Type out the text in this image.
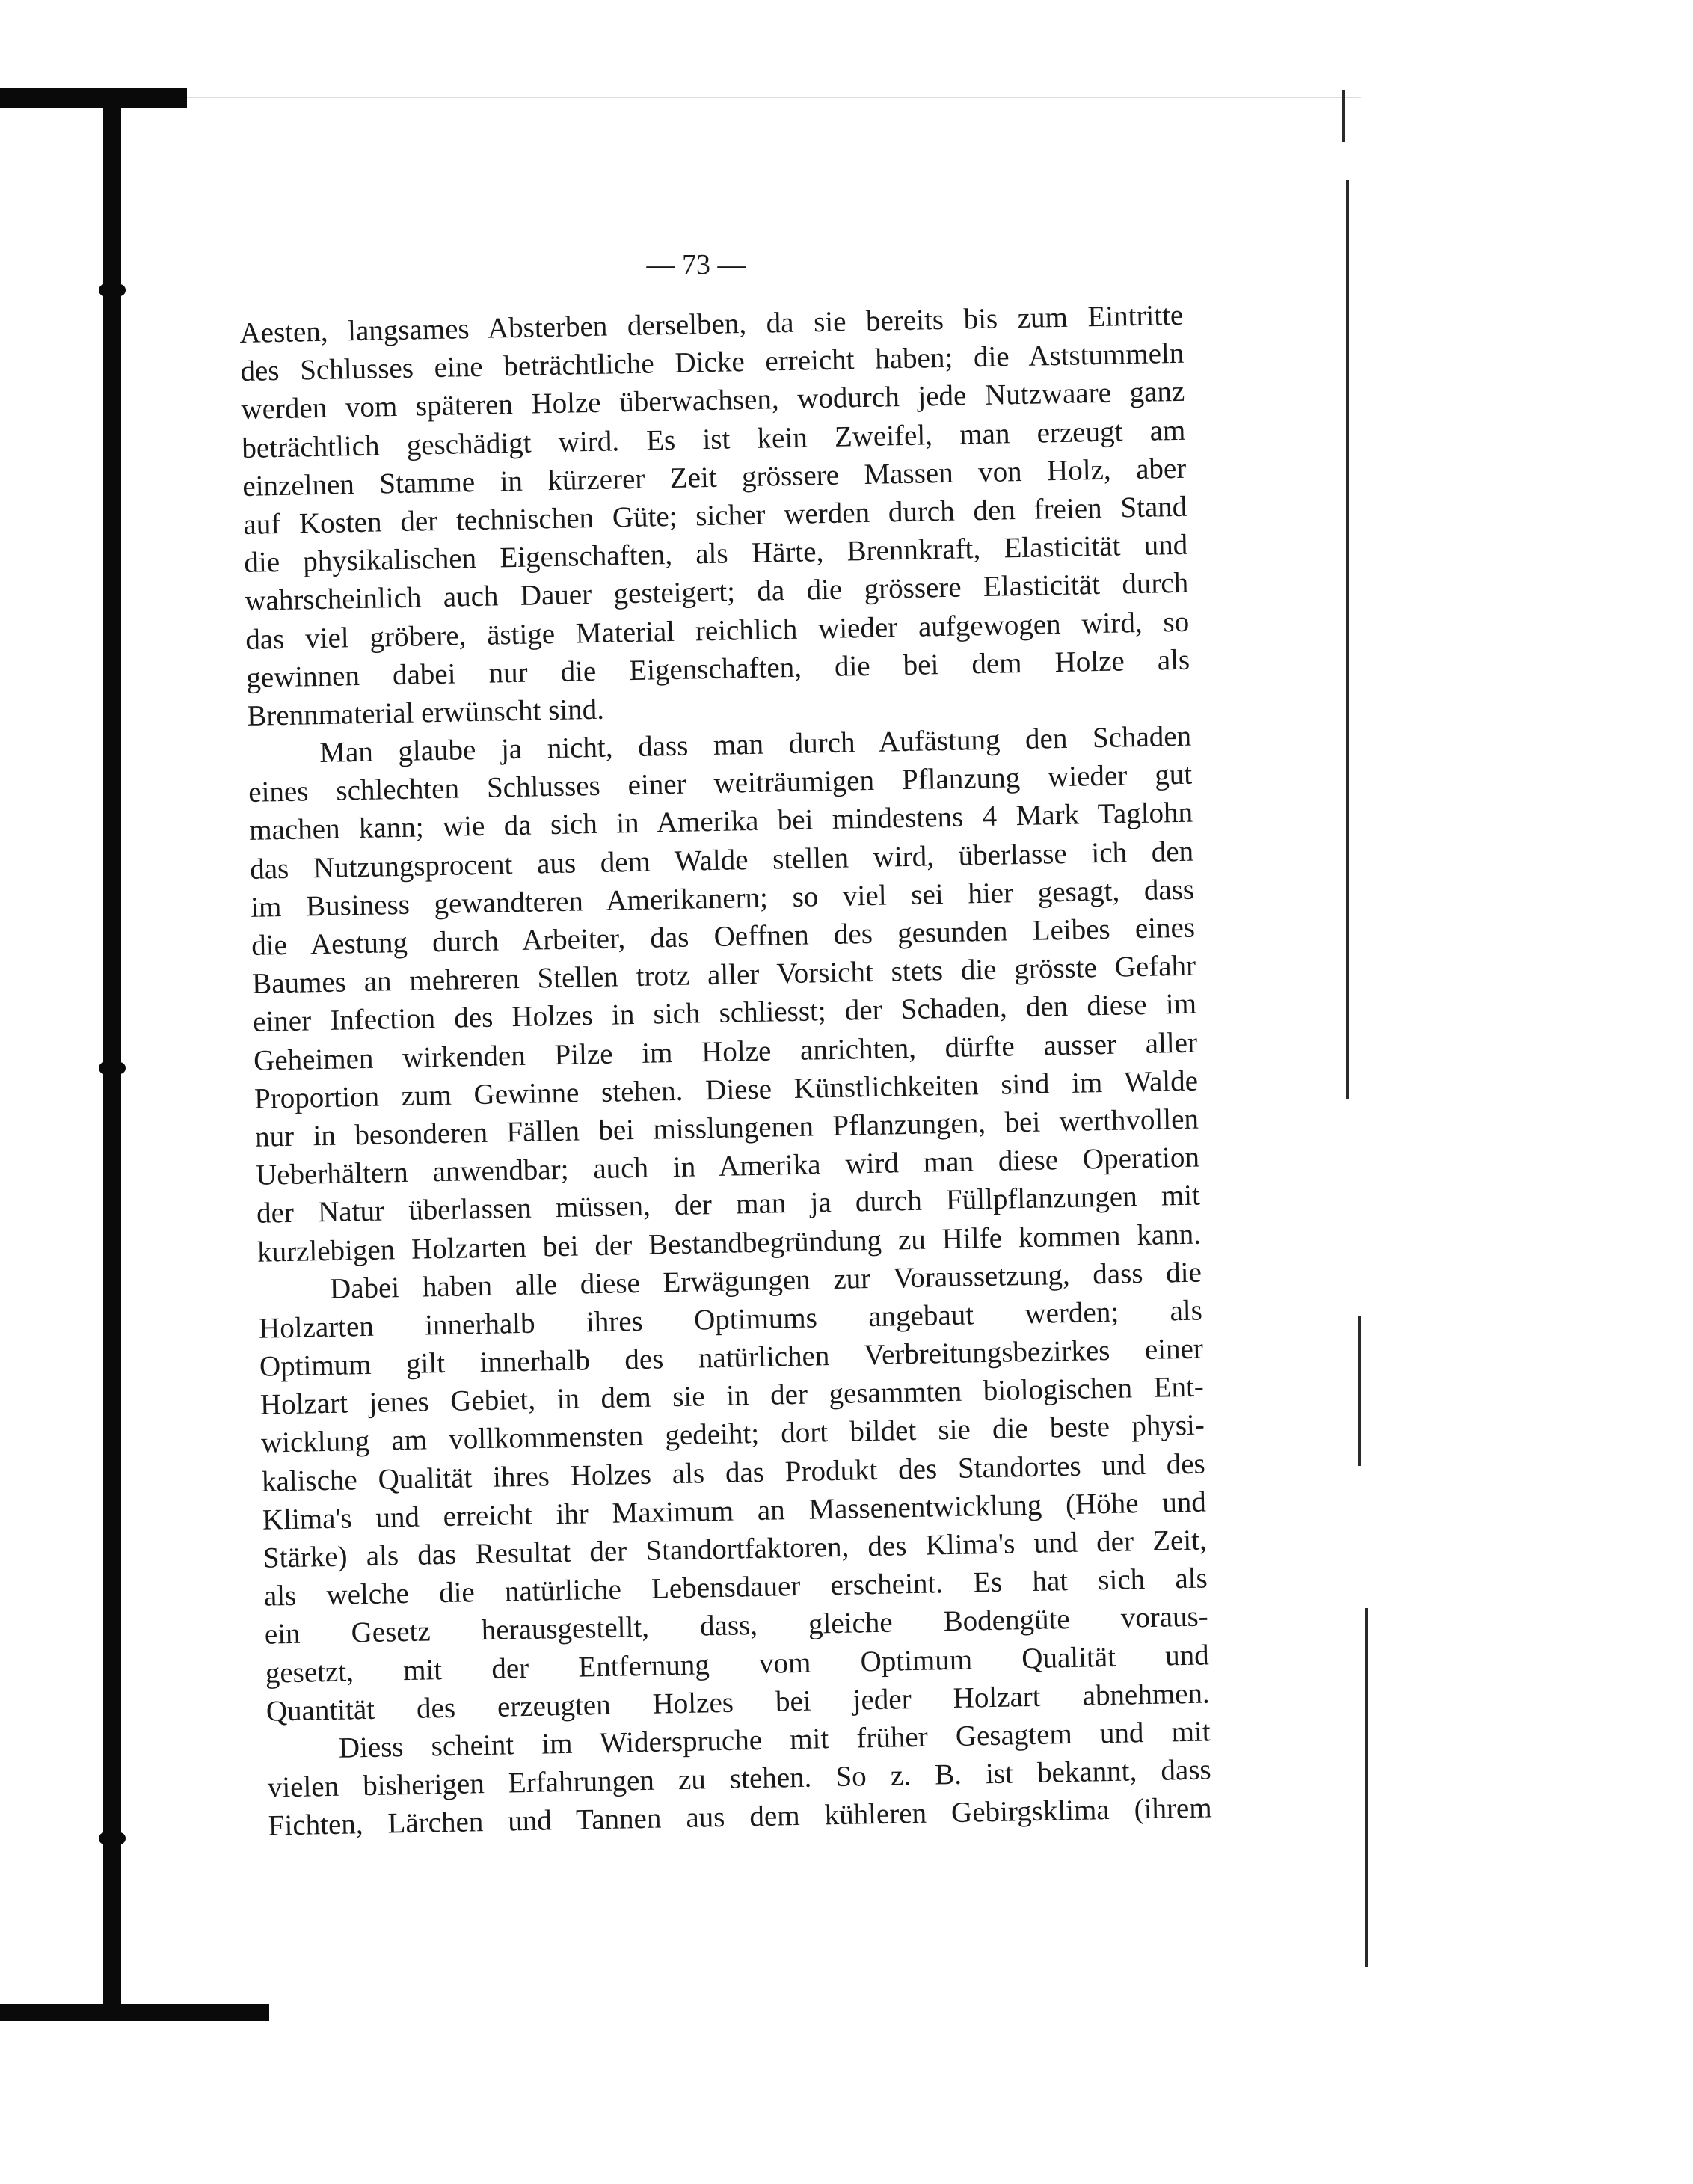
— 73 —
Aesten, langsames Absterben derselben, da sie bereits bis zum Eintritte
des Schlusses eine beträchtliche Dicke erreicht haben; die Aststummeln
werden vom späteren Holze überwachsen, wodurch jede Nutzwaare ganz
beträchtlich geschädigt wird. Es ist kein Zweifel, man erzeugt am
einzelnen Stamme in kürzerer Zeit grössere Massen von Holz, aber
auf Kosten der technischen Güte; sicher werden durch den freien Stand
die physikalischen Eigenschaften, als Härte, Brennkraft, Elasticität und
wahrscheinlich auch Dauer gesteigert; da die grössere Elasticität durch
das viel gröbere, ästige Material reichlich wieder aufgewogen wird, so
gewinnen dabei nur die Eigenschaften, die bei dem Holze als
Brennmaterial erwünscht sind.
Man glaube ja nicht, dass man durch Aufästung den Schaden
eines schlechten Schlusses einer weiträumigen Pflanzung wieder gut
machen kann; wie da sich in Amerika bei mindestens 4 Mark Taglohn
das Nutzungsprocent aus dem Walde stellen wird, überlasse ich den
im Business gewandteren Amerikanern; so viel sei hier gesagt, dass
die Aestung durch Arbeiter, das Oeffnen des gesunden Leibes eines
Baumes an mehreren Stellen trotz aller Vorsicht stets die grösste Gefahr
einer Infection des Holzes in sich schliesst; der Schaden, den diese im
Geheimen wirkenden Pilze im Holze anrichten, dürfte ausser aller
Proportion zum Gewinne stehen. Diese Künstlichkeiten sind im Walde
nur in besonderen Fällen bei misslungenen Pflanzungen, bei werthvollen
Ueberhältern anwendbar; auch in Amerika wird man diese Operation
der Natur überlassen müssen, der man ja durch Füllpflanzungen mit
kurzlebigen Holzarten bei der Bestandbegründung zu Hilfe kommen kann.
Dabei haben alle diese Erwägungen zur Voraussetzung, dass die
Holzarten innerhalb ihres Optimums angebaut werden; als
Optimum gilt innerhalb des natürlichen Verbreitungsbezirkes einer
Holzart jenes Gebiet, in dem sie in der gesammten biologischen Ent-
wicklung am vollkommensten gedeiht; dort bildet sie die beste physi-
kalische Qualität ihres Holzes als das Produkt des Standortes und des
Klima's und erreicht ihr Maximum an Massenentwicklung (Höhe und
Stärke) als das Resultat der Standortfaktoren, des Klima's und der Zeit,
als welche die natürliche Lebensdauer erscheint. Es hat sich als
ein Gesetz herausgestellt, dass, gleiche Bodengüte voraus-
gesetzt, mit der Entfernung vom Optimum Qualität und
Quantität des erzeugten Holzes bei jeder Holzart abnehmen.
Diess scheint im Widerspruche mit früher Gesagtem und mit
vielen bisherigen Erfahrungen zu stehen. So z. B. ist bekannt, dass
Fichten, Lärchen und Tannen aus dem kühleren Gebirgsklima (ihrem
